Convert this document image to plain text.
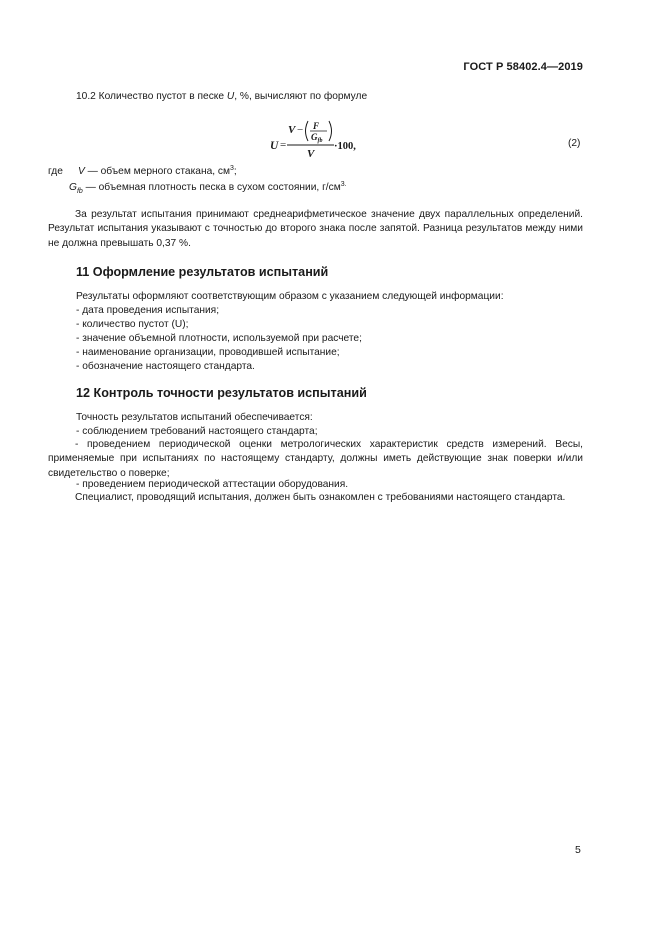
ГОСТ Р 58402.4—2019
10.2 Количество пустот в песке U, %, вычисляют по формуле
U =
V − F
$G_{fb}$
V
·100,	(2)
где V — объем мерного стакана, $см^3$;
$G_{fb}$ — объемная плотность песка в сухом состоянии, $г/см^{3.}$
За результат испытания принимают среднеарифметическое значение двух параллельных определений. Результат испытания указывают с точностью до второго знака после запятой. Разница результатов между ними не должна превышать 0,37 %.
11 Оформление результатов испытаний
Результаты оформляют соответствующим образом с указанием следующей информации:
- дата проведения испытания;
- количество пустот (U);
- значение объемной плотности, используемой при расчете;
- наименование организации, проводившей испытание;
- обозначение настоящего стандарта.
12 Контроль точности результатов испытаний
Точность результатов испытаний обеспечивается:
- соблюдением требований настоящего стандарта;
- проведением периодической оценки метрологических характеристик средств измерений. Весы, применяемые при испытаниях по настоящему стандарту, должны иметь действующие знак поверки и/или свидетельство о поверке;
- проведением периодической аттестации оборудования.
Специалист, проводящий испытания, должен быть ознакомлен с требованиями настоящего стандарта.
5
